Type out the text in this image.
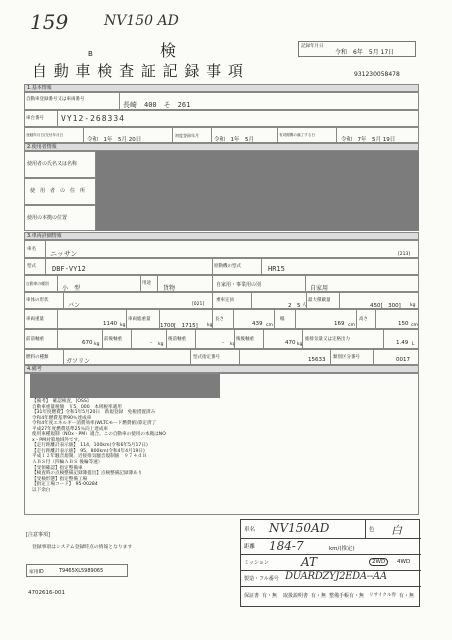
159	NV150 AD
B	検	記録年月日
令和　6年　5月 17日
自 動 車 検 査 証 記 録 事 項	931230058478
1.基本情報
自動車登録番号又は車両番号
長崎　400　そ　261
車台番号 VY12-268334
登録年月日/交付年月日
令和　1年　5月 20日
初度登録年月
令和　1年　5月
有効期間の満了する日
令和　7年　5月 19日
2.使用者情報
使用者の氏名又は名称
使　用　者　の　住　所
使用の本拠の位置
3.車両詳細情報
車名
ニッサン	[213]
型式 DBF-VY12	原動機の型式	HR15
自動車の種別
小　型
用途
貨物	自家用・事業用の別	自家用
車体の形状
バン	[021]
乗車定員
2　5 人
最大積載量
450[　300] kg
車両重量
1140 kg
車両総重量
1700[　1715] kg
長さ
439 cm
幅
169 cm
高さ
150 cm
前前軸重
670 kg
前後軸重
- kg
後前軸重
- kg
後後軸重
470 kg
総排気量又は定格出力
1.49 L
燃料の種類
ガソリン
型式指定番号	15633 類別区分番号	0017
4.備考
【備考】　確認検査，[OSS]
自動車重量税額　￥5，000　本則税率適用
【31年度燃費】令和1年5月20日　新規登録　免税措置済み
令和4年燃費基準90％達成車
令和4年度エネルギー消費効率(WLTCモード燃費値)算定済了
平成27年度燃費基準25％向上達成車
使用車種規制（NOx・PM）適合。この自動車の使用の本拠はNO
x・PM対策地域外です。
【走行距離計表示値】　114，100km(令和6年5月17日)
【走行距離計表示値】　95，800km(令和4年4月19日)
平成１２年騒音規制，近接排気騒音規制値　９７４ｄＢ
ＡＢＳ付（四輪ＡＢＳ 後輪等速）
【受領確認】指定整備車
【検査時の点検整備記録簿提出】点検整備記録簿あり
【受検形態】指定整備工場
【指定工場コード】　95-00284
以下余白
[注意事項]
登録事項はシステム登録時点の情報となります
家用ID	T9465XL5989065
4702616-001
車名 NV150AD	色 白
距離 184-7	km/(推定)
ミッション	AT	2WD	4WD
製造・フル番号 DUARDZYJ2EDA--AA
保証書 有・無 取扱説明書 有・無 整備手帳 有・無 リサイクル券 有・無
